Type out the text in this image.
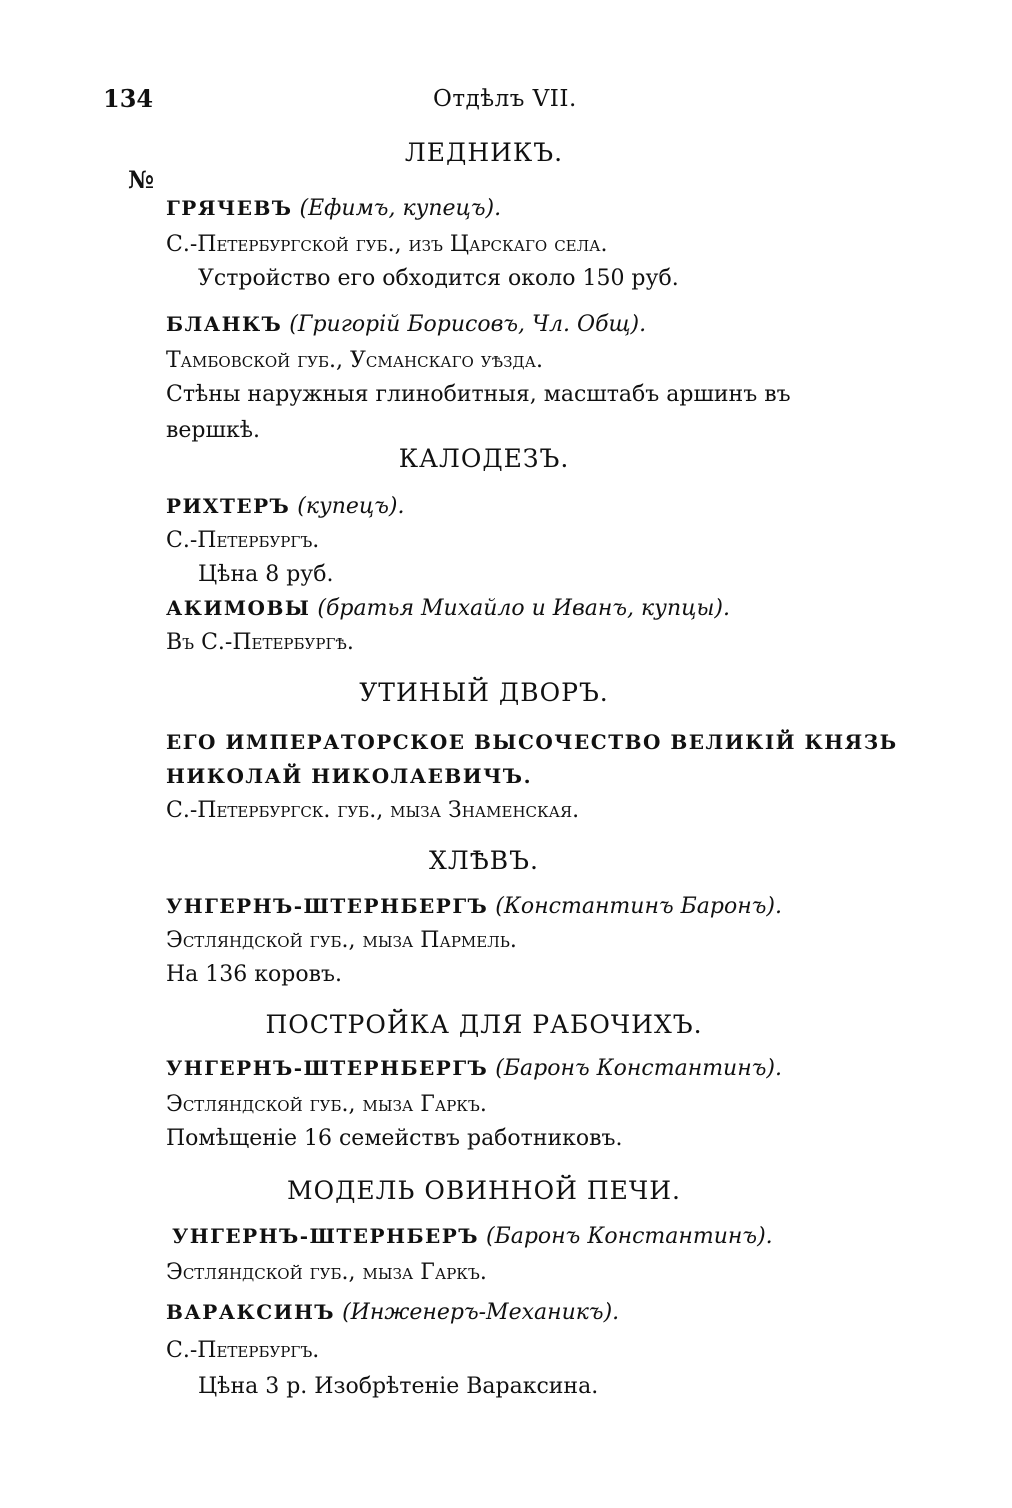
134	Отдѣлъ VII.
№
ЛЕДНИКЪ.
ГРЯЧЕВЪ (Ефимъ, купецъ).
С.-Петербургской губ., изъ Царскаго села.
Устройство его обходится около 150 руб.
БЛАНКЪ (Григорій Борисовъ, Чл. Общ).
Тамбовской губ., Усманскаго уѣзда.
Стѣны наружныя глинобитныя, масштабъ аршинъ въ
вершкѣ.
КАЛОДЕЗЪ.
РИХТЕРЪ (купецъ).
С.-Петербургъ.
Цѣна 8 руб.
АКИМОВЫ (братья Михайло и Иванъ, купцы).
Въ С.-Петербургѣ.
УТИНЫЙ ДВОРЪ.
ЕГО ИМПЕРАТОРСКОЕ ВЫСОЧЕСТВО ВЕЛИКІЙ КНЯЗЬ
НИКОЛАЙ НИКОЛАЕВИЧЪ.
С.-Петербургск. губ., мыза Знаменская.
ХЛѢВЪ.
УНГЕРНЪ-ШТЕРНБЕРГЪ (Константинъ Баронъ).
Эстляндской губ., мыза Пармель.
На 136 коровъ.
ПОСТРОЙКА ДЛЯ РАБОЧИХЪ.
УНГЕРНЪ-ШТЕРНБЕРГЪ (Баронъ Константинъ).
Эстляндской губ., мыза Гаркъ.
Помѣщеніе 16 семействъ работниковъ.
МОДЕЛЬ ОВИННОЙ ПЕЧИ.
УНГЕРНЪ-ШТЕРНБЕРЪ (Баронъ Константинъ).
Эстляндской губ., мыза Гаркъ.
ВАРАКСИНЪ (Инженеръ-Механикъ).
С.-Петербургъ.
Цѣна 3 р. Изобрѣтеніе Вараксина.
